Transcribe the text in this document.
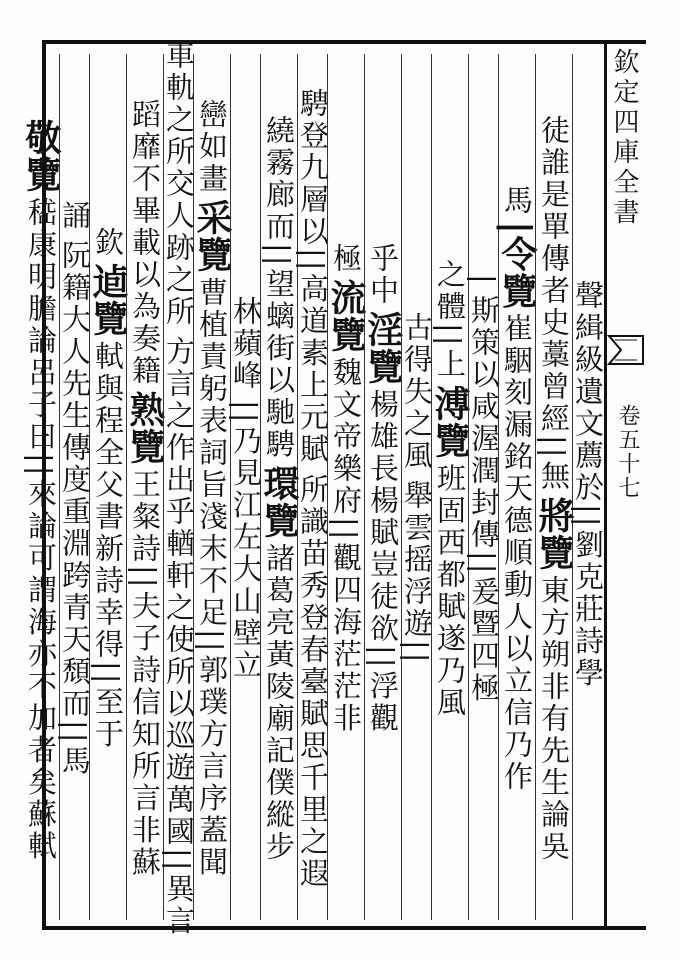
欽定四庫全書
卷五十七
聲緝級遺文薦於||劉克莊詩學
徒誰是單傳者史藁曾經||無將覽東方朔非有先生論吳
馬|令覽崔駰刻漏銘天德順動人以立信乃作
|斯策以咸渥潤封傳||爰暨四極
之體||上溥覽班固西都賦遂乃風
古得失之風舉雲摇浮遊||
乎中淫覽楊雄長楊賦豈徒欲||浮觀
極流覽魏文帝樂府||觀四海茫茫非
騁登九層以||高道素上元賦所識苗秀登春臺賦思千里之遐
繞霧廊而||望螭街以馳騁環覽諸葛亮黃陵廟記僕縱步
林蘋峰||乃見江左大山壁立
巒如畫采覽曹植責躬表詞旨淺末不足||郭璞方言序蓋聞
車軌之所交人跡之所方言之作出乎輶軒之使所以巡遊萬國||異言
蹈靡不畢載以為奏籍熟覽王粲詩||夫子詩信知所言非蘇
欽逌覽軾與程全父書新詩幸得||至于
誦阮籍大人先生傳度重淵跨青天頹而||馬
敬覽嵇康明膽論呂子曰||來論可謂海亦不加者矣蘇軾
